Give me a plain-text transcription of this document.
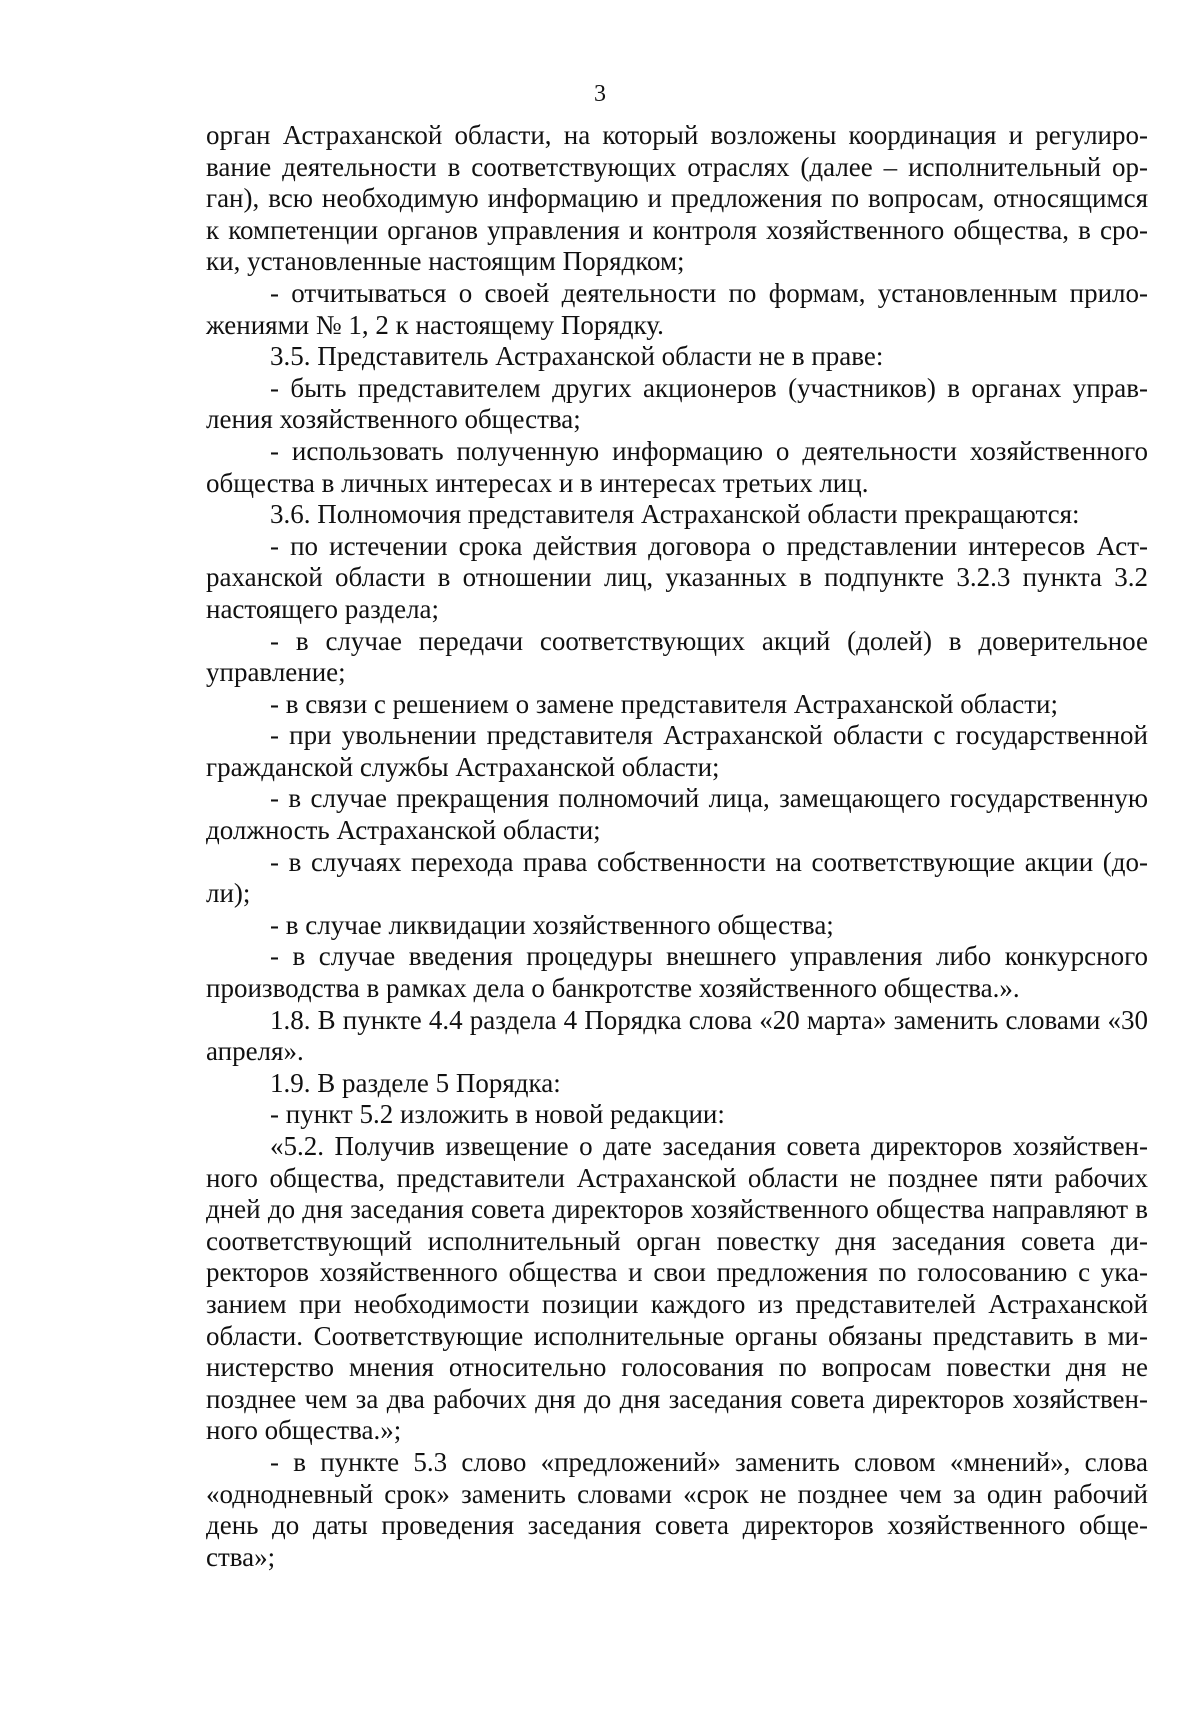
3

орган Астраханской области, на который возложены координация и регулирование деятельности в соответствующих отраслях (далее – исполнительный орган), всю необходимую информацию и предложения по вопросам, относящимся к компетенции органов управления и контроля хозяйственного общества, в сроки, установленные настоящим Порядком;

- отчитываться о своей деятельности по формам, установленным приложениями № 1, 2 к настоящему Порядку.

3.5. Представитель Астраханской области не в праве:

- быть представителем других акционеров (участников) в органах управления хозяйственного общества;

- использовать полученную информацию о деятельности хозяйственного общества в личных интересах и в интересах третьих лиц.

3.6. Полномочия представителя Астраханской области прекращаются:

- по истечении срока действия договора о представлении интересов Астраханской области в отношении лиц, указанных в подпункте 3.2.3 пункта 3.2 настоящего раздела;

- в случае передачи соответствующих акций (долей) в доверительное управление;

- в связи с решением о замене представителя Астраханской области;

- при увольнении представителя Астраханской области с государственной гражданской службы Астраханской области;

- в случае прекращения полномочий лица, замещающего государственную должность Астраханской области;

- в случаях перехода права собственности на соответствующие акции (доли);

- в случае ликвидации хозяйственного общества;

- в случае введения процедуры внешнего управления либо конкурсного производства в рамках дела о банкротстве хозяйственного общества.».

1.8. В пункте 4.4 раздела 4 Порядка слова «20 марта» заменить словами «30 апреля».

1.9. В разделе 5 Порядка:

- пункт 5.2 изложить в новой редакции:

«5.2. Получив извещение о дате заседания совета директоров хозяйственного общества, представители Астраханской области не позднее пяти рабочих дней до дня заседания совета директоров хозяйственного общества направляют в соответствующий исполнительный орган повестку дня заседания совета директоров хозяйственного общества и свои предложения по голосованию с указанием при необходимости позиции каждого из представителей Астраханской области. Соответствующие исполнительные органы обязаны представить в министерство мнения относительно голосования по вопросам повестки дня не позднее чем за два рабочих дня до дня заседания совета директоров хозяйственного общества.»;

- в пункте 5.3 слово «предложений» заменить словом «мнений», слова «однодневный срок» заменить словами «срок не позднее чем за один рабочий день до даты проведения заседания совета директоров хозяйственного общества»;
